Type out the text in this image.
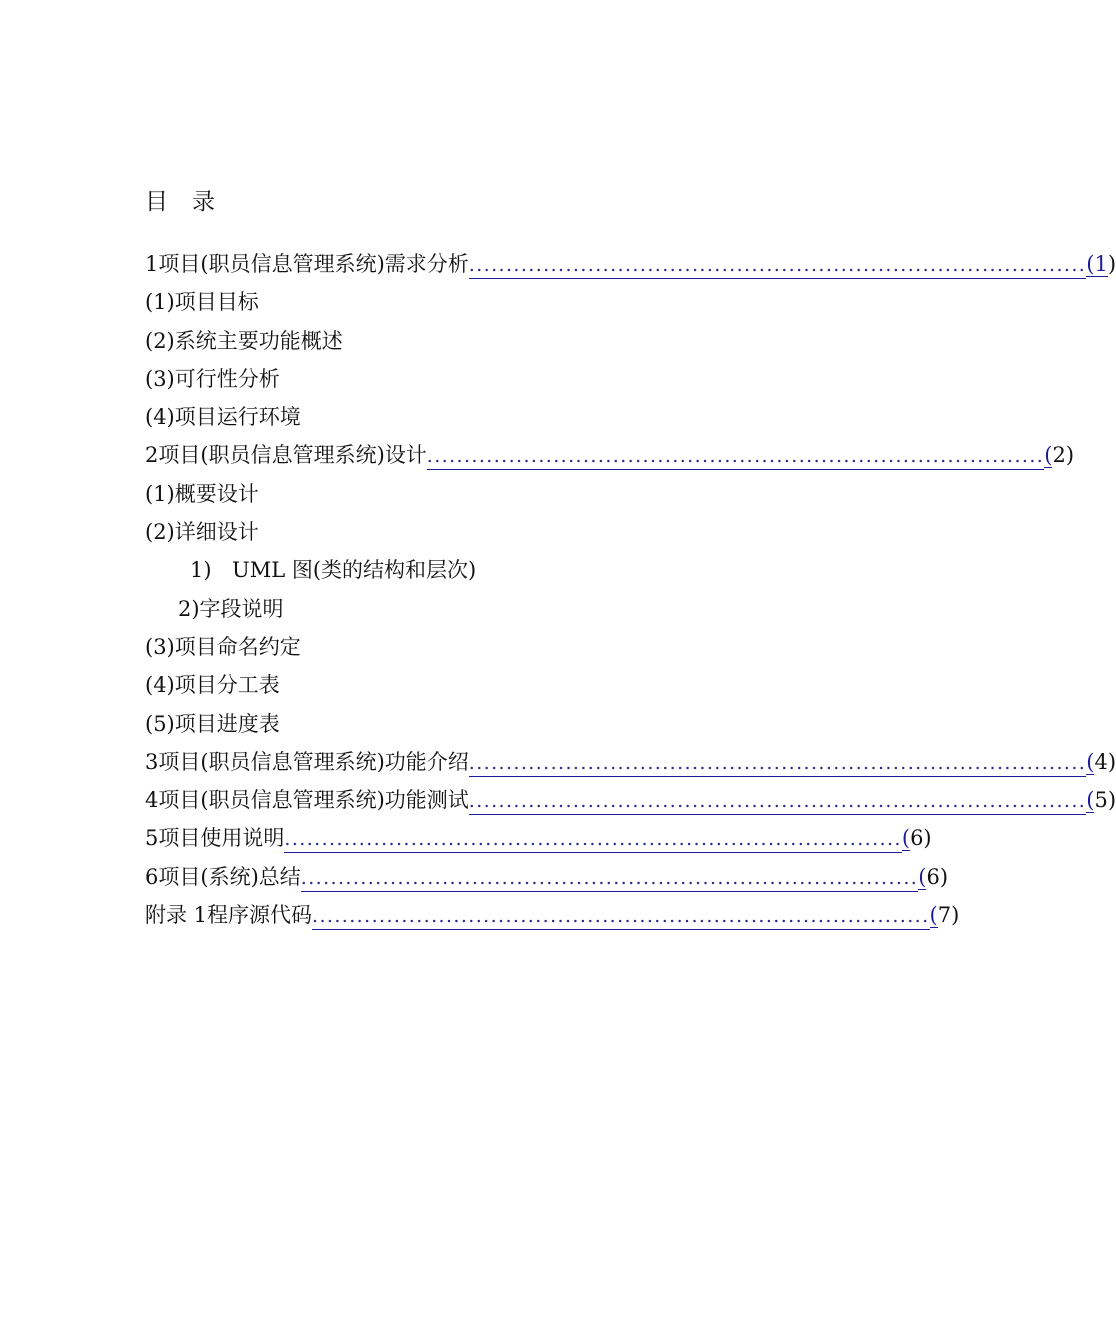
目 录
1 项目(职员信息管理系统)需求分析 ................................................................................... (1)
(1)项目目标
(2)系统主要功能概述
(3)可行性分析
(4)项目运行环境
2 项目(职员信息管理系统)设计 ................................................................................... (2)
(1)概要设计
(2)详细设计
1) UML 图(类的结构和层次)
2)字段说明
(3)项目命名约定
(4)项目分工表
(5)项目进度表
3 项目(职员信息管理系统)功能介绍 ................................................................................... (4)
4 项目(职员信息管理系统)功能测试 ................................................................................... (5)
5 项目使用说明 ................................................................................... (6)
6 项目(系统)总结 ................................................................................... (6)
附录 1 程序源代码 ................................................................................... (7)
